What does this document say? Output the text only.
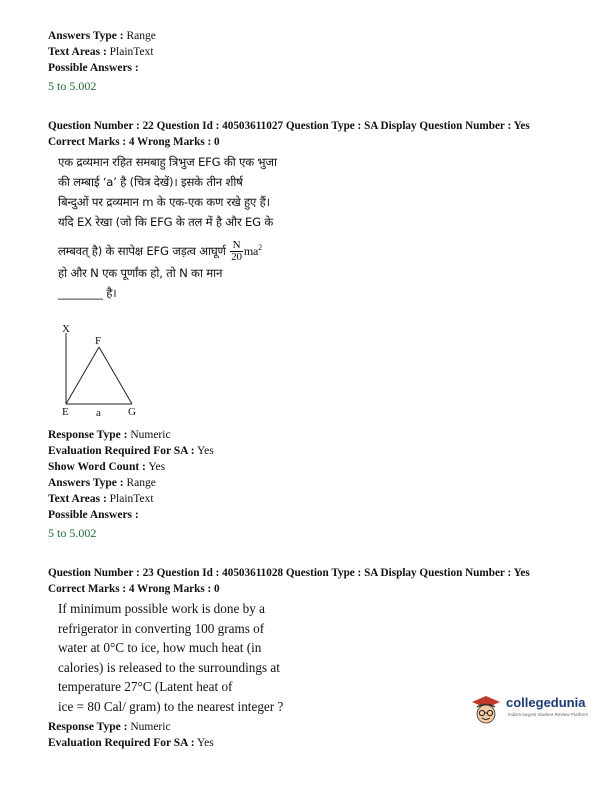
Answers Type : Range
Text Areas : PlainText
Possible Answers :
5 to 5.002
Question Number : 22 Question Id : 40503611027 Question Type : SA Display Question Number : Yes
Correct Marks : 4 Wrong Marks : 0
एक द्रव्यमान रहित समबाहु त्रिभुज EFG की एक भुजा
की लम्बाई ‘a’ है (चित्र देखें)। इसके तीन शीर्ष
बिन्दुओं पर द्रव्यमान m के एक-एक कण रखे हुए हैं।
यदि EX रेखा (जो कि EFG के तल में है और EG के
लम्बवत् है) के सापेक्ष EFG जड़त्व आघूर्ण $\frac{N}{20} ma^2$
हो और N एक पूर्णांक हो, तो N का मान
________ है।
X
F
E a G
Response Type : Numeric
Evaluation Required For SA : Yes
Show Word Count : Yes
Answers Type : Range
Text Areas : PlainText
Possible Answers :
5 to 5.002
Question Number : 23 Question Id : 40503611028 Question Type : SA Display Question Number : Yes
Correct Marks : 4 Wrong Marks : 0
If minimum possible work is done by a
refrigerator in converting 100 grams of
water at 0°C to ice, how much heat (in
calories) is released to the surroundings at
temperature 27°C (Latent heat of
ice = 80 Cal/ gram) to the nearest integer ?
Response Type : Numeric
Evaluation Required For SA : Yes
collegedunia
India's largest Student Review Platform
